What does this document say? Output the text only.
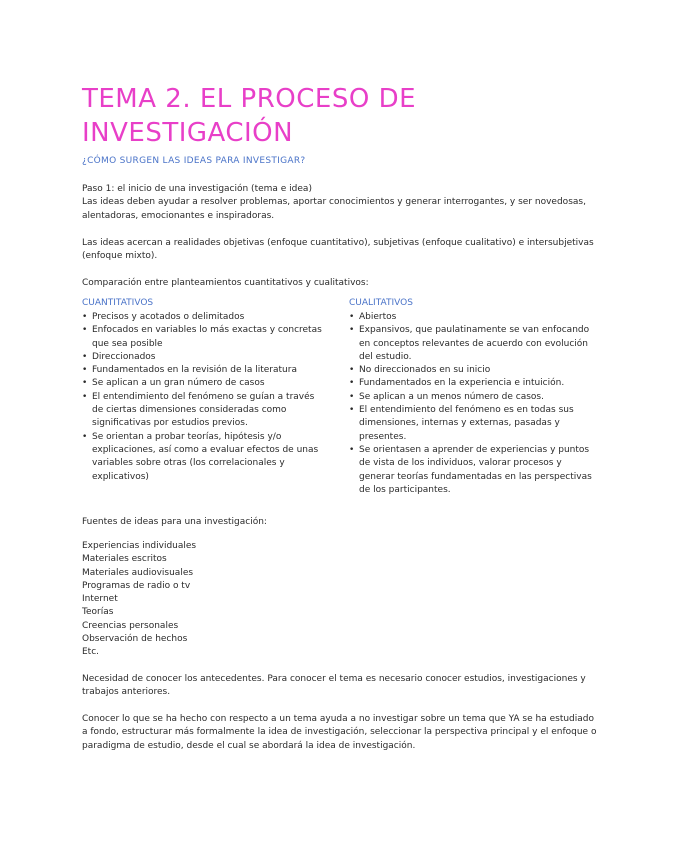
TEMA 2. EL PROCESO DE INVESTIGACIÓN
¿CÓMO SURGEN LAS IDEAS PARA INVESTIGAR?
Paso 1: el inicio de una investigación (tema e idea)
Las ideas deben ayudar a resolver problemas, aportar conocimientos y generar interrogantes, y ser novedosas, alentadoras, emocionantes e inspiradoras.
Las ideas acercan a realidades objetivas (enfoque cuantitativo), subjetivas (enfoque cualitativo) e intersubjetivas (enfoque mixto).
Comparación entre planteamientos cuantitativos y cualitativos:
CUANTITATIVOS
• Precisos y acotados o delimitados
• Enfocados en variables lo más exactas y concretas que sea posible
• Direccionados
• Fundamentados en la revisión de la literatura
• Se aplican a un gran número de casos
• El entendimiento del fenómeno se guían a través de ciertas dimensiones consideradas como significativas por estudios previos.
• Se orientan a probar teorías, hipótesis y/o explicaciones, así como a evaluar efectos de unas variables sobre otras (los correlacionales y explicativos)
CUALITATIVOS
• Abiertos
• Expansivos, que paulatinamente se van enfocando en conceptos relevantes de acuerdo con evolución del estudio.
• No direccionados en su inicio
• Fundamentados en la experiencia e intuición.
• Se aplican a un menos número de casos.
• El entendimiento del fenómeno es en todas sus dimensiones, internas y externas, pasadas y presentes.
• Se orientasen a aprender de experiencias y puntos de vista de los individuos, valorar procesos y generar teorías fundamentadas en las perspectivas de los participantes.
Fuentes de ideas para una investigación:
Experiencias individuales
Materiales escritos
Materiales audiovisuales
Programas de radio o tv
Internet
Teorías
Creencias personales
Observación de hechos
Etc.
Necesidad de conocer los antecedentes. Para conocer el tema es necesario conocer estudios, investigaciones y trabajos anteriores.
Conocer lo que se ha hecho con respecto a un tema ayuda a no investigar sobre un tema que YA se ha estudiado a fondo, estructurar más formalmente la idea de investigación, seleccionar la perspectiva principal y el enfoque o paradigma de estudio, desde el cual se abordará la idea de investigación.
